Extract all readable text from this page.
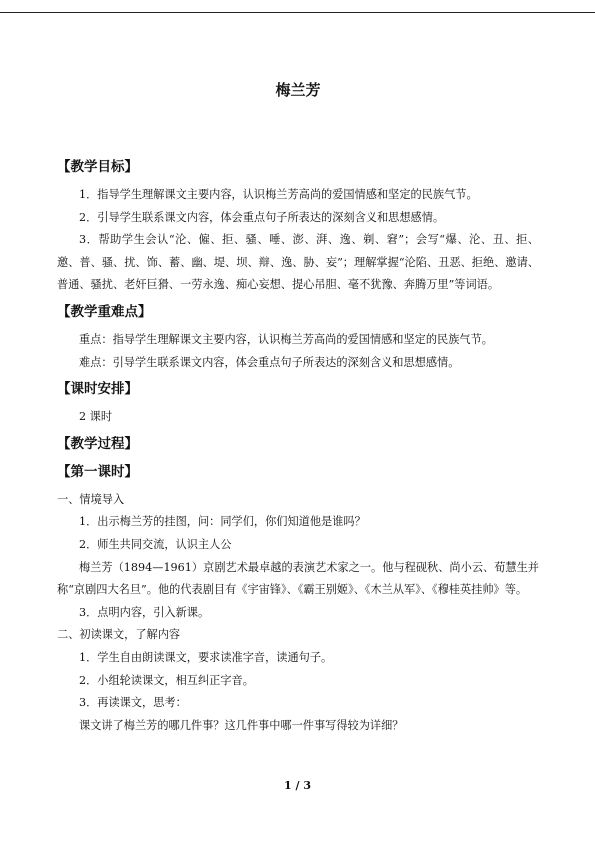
梅兰芳
【教学目标】
1．指导学生理解课文主要内容，认识梅兰芳高尚的爱国情感和坚定的民族气节。
2．引导学生联系课文内容，体会重点句子所表达的深刻含义和思想感情。
3．帮助学生会认“沦、僱、拒、骚、唾、澎、湃、逸、剃、窘”；会写“爆、沦、丑、拒、邀、普、骚、扰、饰、蓄、幽、堤、坝、辩、逸、胁、妄”；理解掌握“沦陷、丑恶、拒绝、邀请、普通、骚扰、老奸巨猾、一劳永逸、痴心妄想、提心吊胆、毫不犹豫、奔腾万里”等词语。
【教学重难点】
重点：指导学生理解课文主要内容，认识梅兰芳高尚的爱国情感和坚定的民族气节。
难点：引导学生联系课文内容，体会重点句子所表达的深刻含义和思想感情。
【课时安排】
2 课时
【教学过程】
【第一课时】
一、情境导入
1．出示梅兰芳的挂图，问：同学们，你们知道他是谁吗？
2．师生共同交流，认识主人公
梅兰芳（1894—1961）京剧艺术最卓越的表演艺术家之一。他与程砚秋、尚小云、荀慧生并称“京剧四大名旦”。他的代表剧目有《宇宙锋》、《霸王别姬》、《木兰从军》、《穆桂英挂帅》等。
3．点明内容，引入新课。
二、初读课文，了解内容
1．学生自由朗读课文，要求读准字音，读通句子。
2．小组轮读课文，相互纠正字音。
3．再读课文，思考：
课文讲了梅兰芳的哪几件事？这几件事中哪一件事写得较为详细？
1 / 3
